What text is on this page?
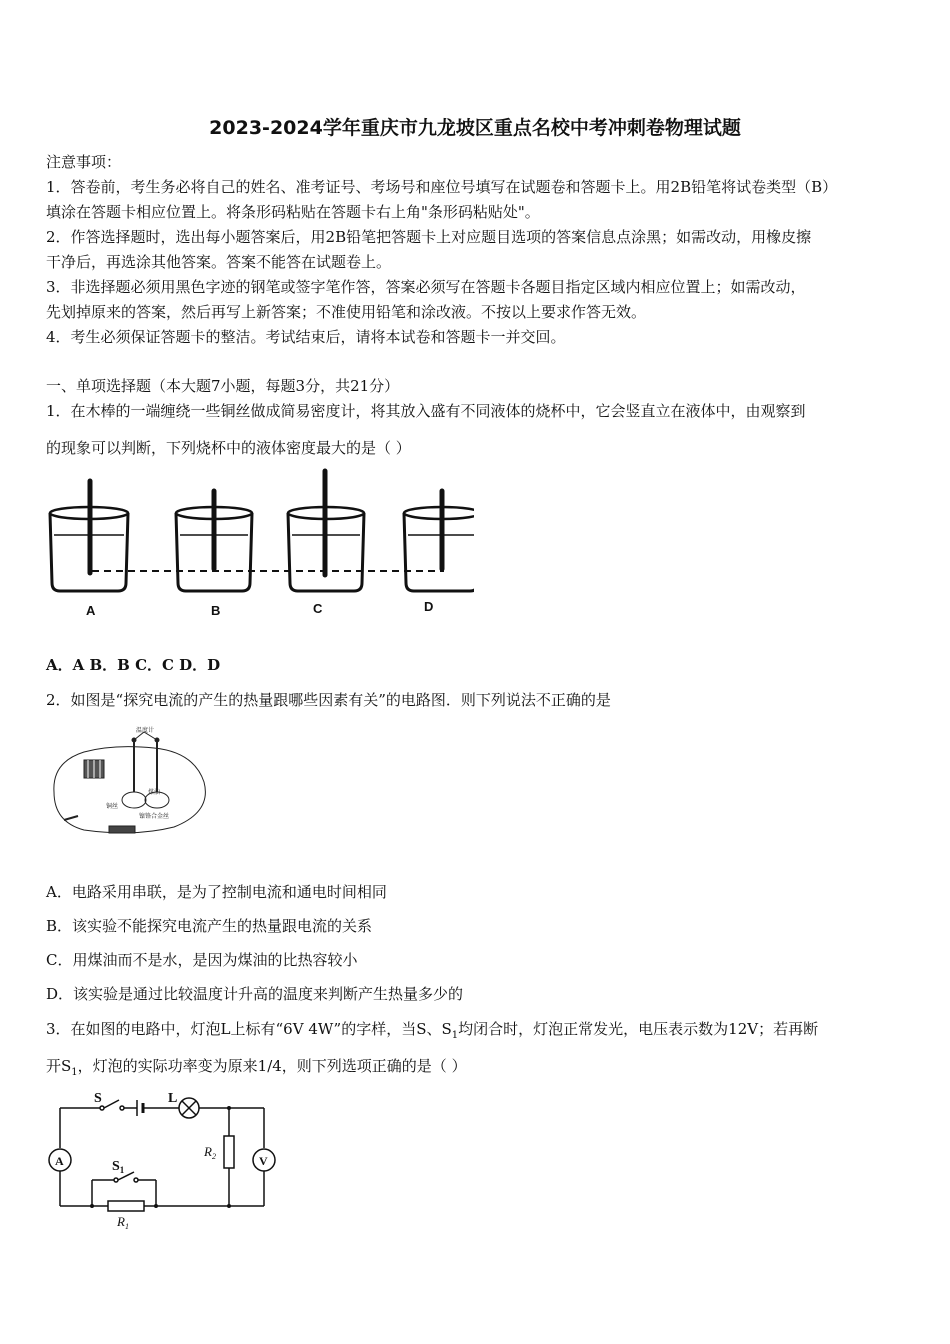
2023-2024学年重庆市九龙坡区重点名校中考冲刺卷物理试题
注意事项：
1．答卷前，考生务必将自己的姓名、准考证号、考场号和座位号填写在试题卷和答题卡上。用2B铅笔将试卷类型（B）
填涂在答题卡相应位置上。将条形码粘贴在答题卡右上角"条形码粘贴处"。
2．作答选择题时，选出每小题答案后，用2B铅笔把答题卡上对应题目选项的答案信息点涂黑；如需改动，用橡皮擦
干净后，再选涂其他答案。答案不能答在试题卷上。
3．非选择题必须用黑色字迹的钢笔或签字笔作答，答案必须写在答题卡各题目指定区域内相应位置上；如需改动，
先划掉原来的答案，然后再写上新答案；不准使用铅笔和涂改液。不按以上要求作答无效。
4．考生必须保证答题卡的整洁。考试结束后，请将本试卷和答题卡一并交回。
一、单项选择题（本大题7小题，每题3分，共21分）
1．在木棒的一端缠绕一些铜丝做成简易密度计，将其放入盛有不同液体的烧杯中，它会竖直立在液体中，由观察到
的现象可以判断，下列烧杯中的液体密度最大的是（ ）
A	B	C	D
A．A B．B C．C D．D
2．如图是“探究电流的产生的热量跟哪些因素有关”的电路图．则下列说法不正确的是
温度计
铜丝
煤油
镍铬合金丝
A．电路采用串联，是为了控制电流和通电时间相同
B．该实验不能探究电流产生的热量跟电流的关系
C．用煤油而不是水，是因为煤油的比热容较小
D．该实验是通过比较温度计升高的温度来判断产生热量多少的
3．在如图的电路中，灯泡L上标有“6V 4W”的字样，当S、$S_1$均闭合时，灯泡正常发光，电压表示数为12V；若再断
开$S_1$，灯泡的实际功率变为原来1/4，则下列选项正确的是（ ）
S	L
A	V
$S_1$
$R_1$
$R_2$
